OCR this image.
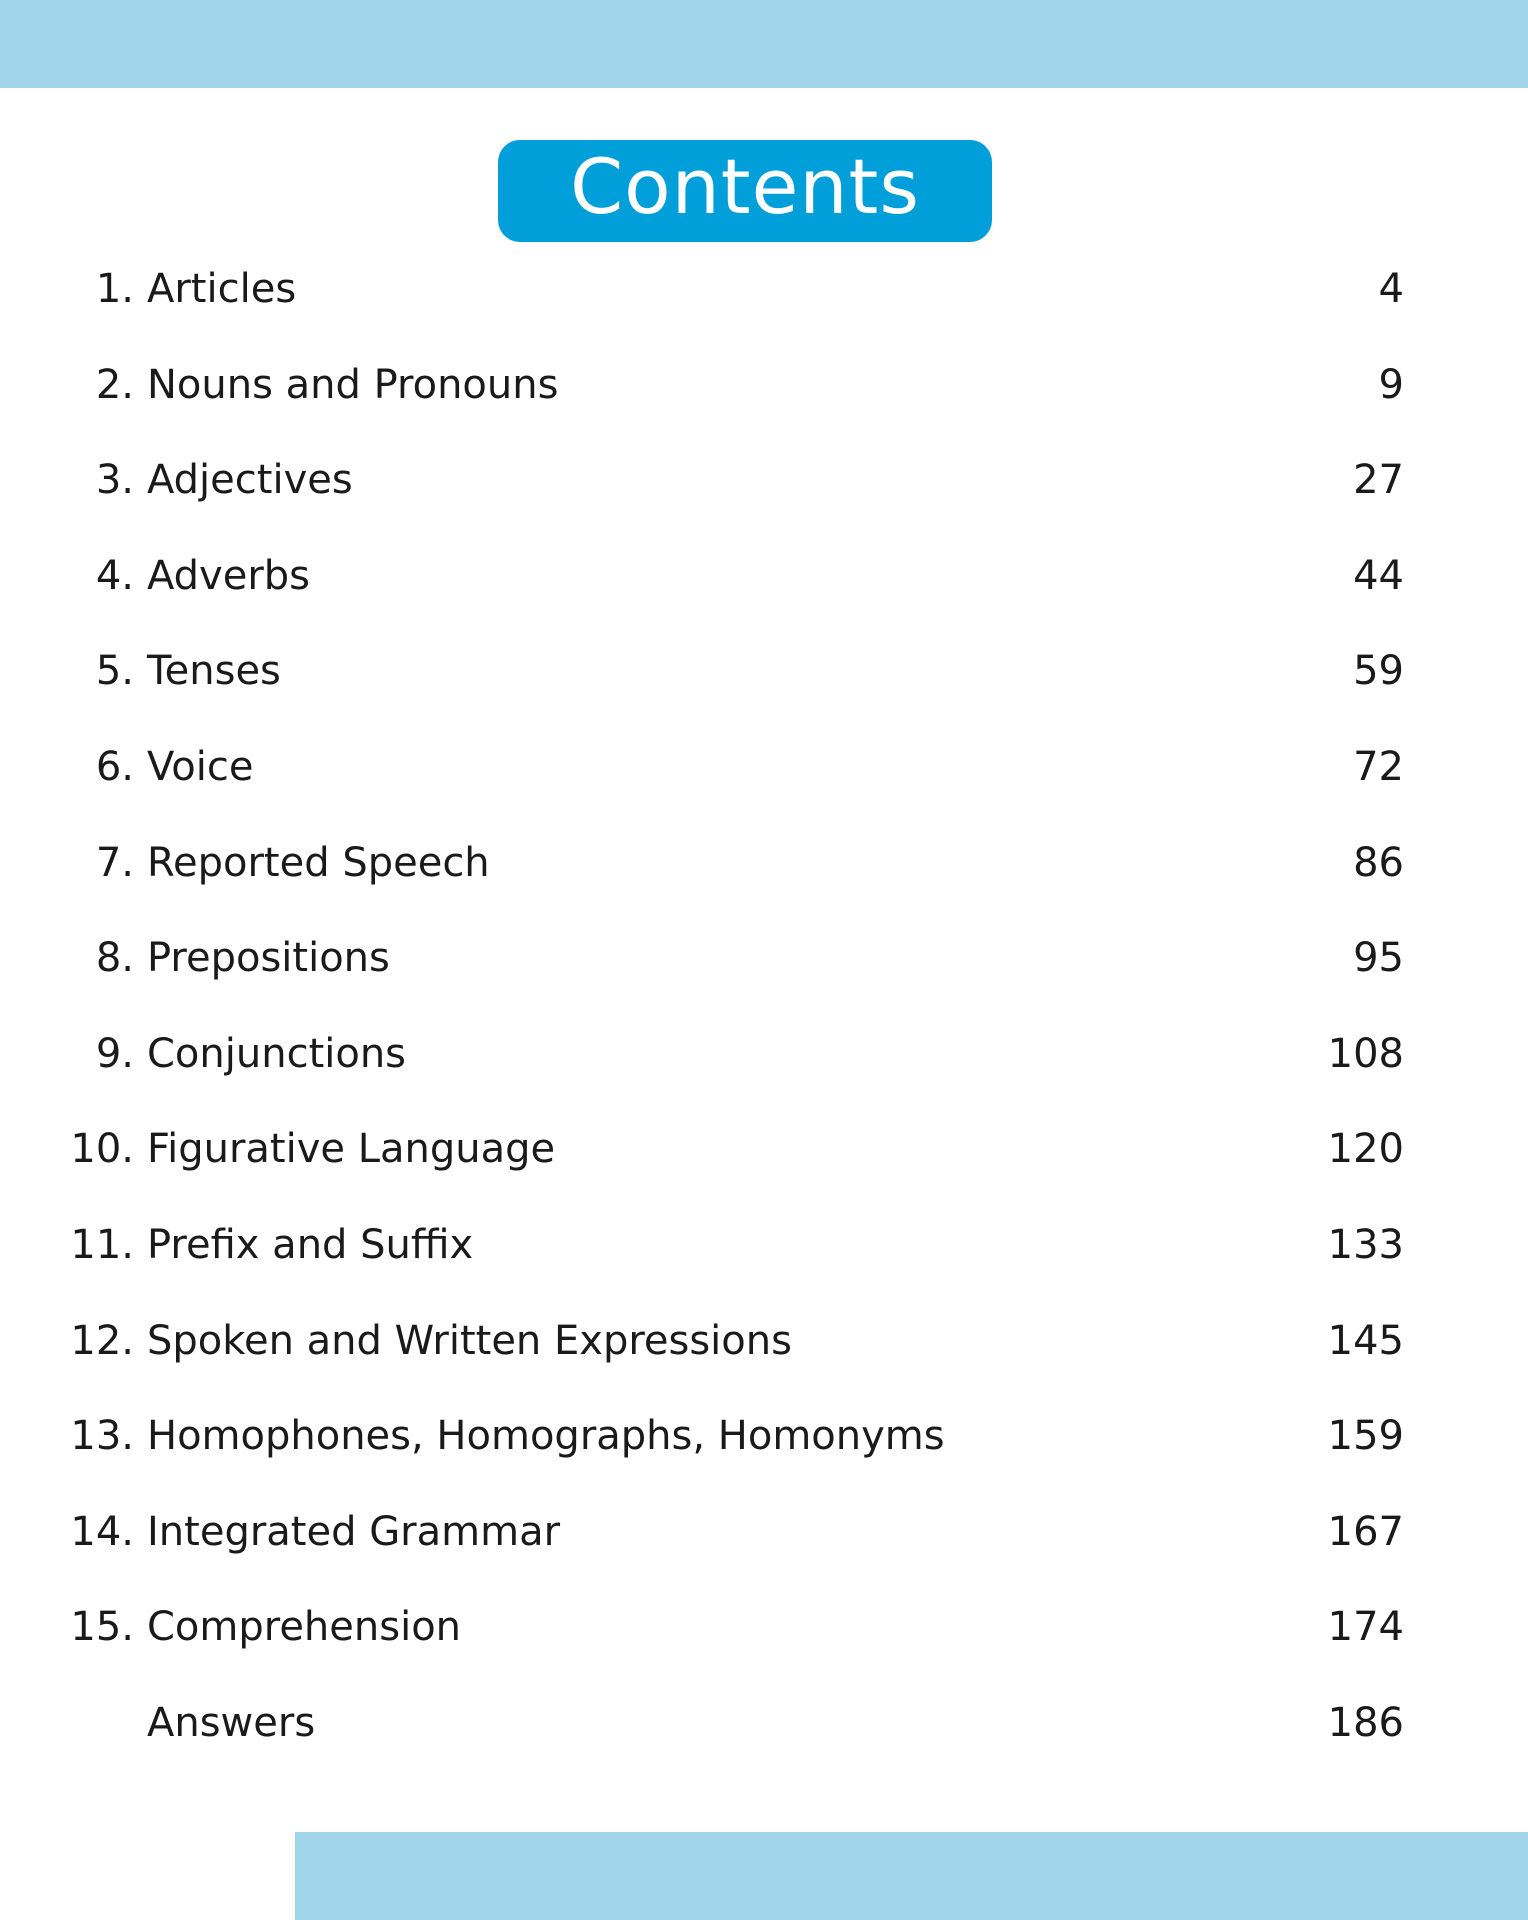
Contents
1. Articles	4
2. Nouns and Pronouns	9
3. Adjectives	27
4. Adverbs	44
5. Tenses	59
6. Voice	72
7. Reported Speech	86
8. Prepositions	95
9. Conjunctions	108
10. Figurative Language	120
11. Prefix and Suffix	133
12. Spoken and Written Expressions	145
13. Homophones, Homographs, Homonyms	159
14. Integrated Grammar	167
15. Comprehension	174
Answers	186
